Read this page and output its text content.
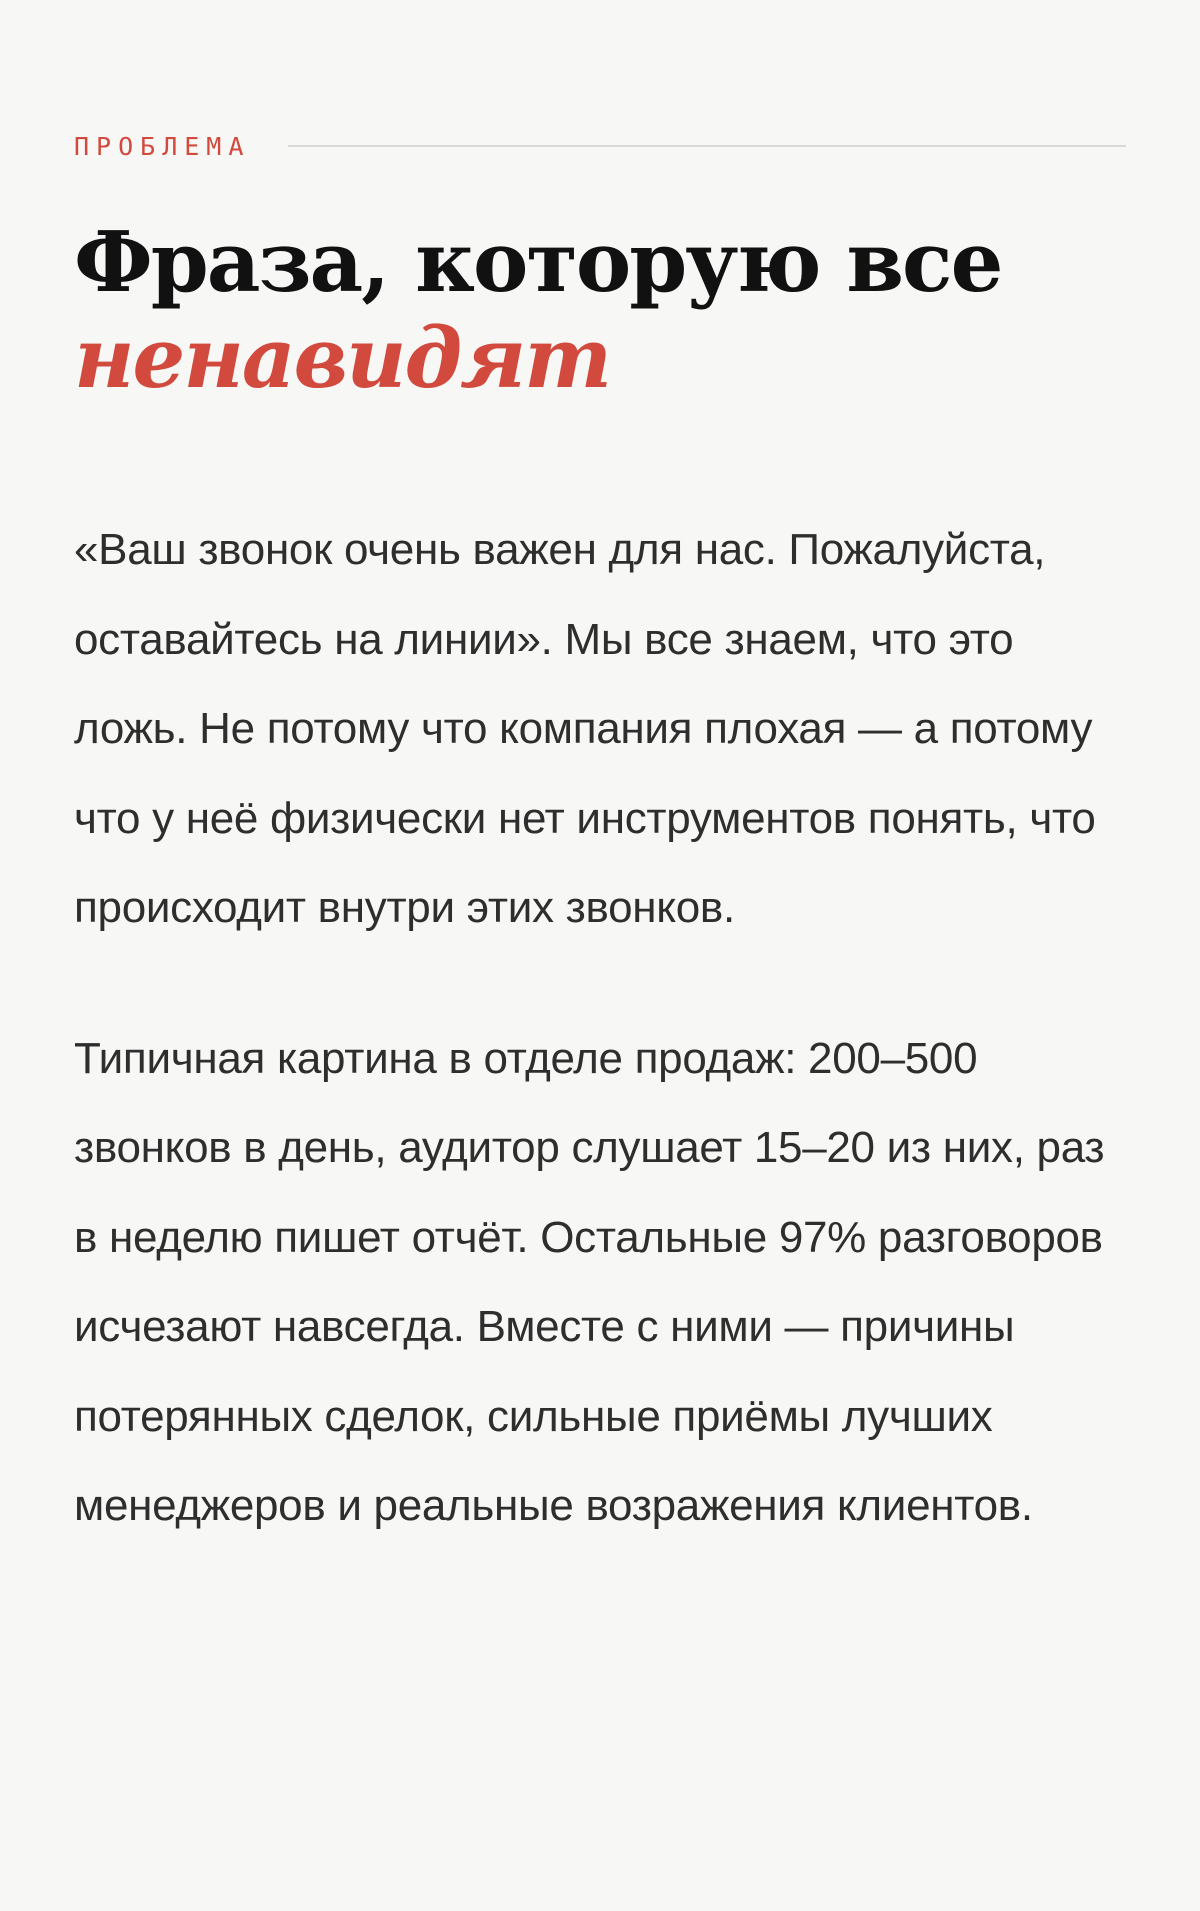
ПРОБЛЕМА
Фраза, которую все
ненавидят

«Ваш звонок очень важен для нас. Пожалуйста, оставайтесь на линии». Мы все знаем, что это ложь. Не потому что компания плохая — а потому что у неё физически нет инструментов понять, что происходит внутри этих звонков.

Типичная картина в отделе продаж: 200–500 звонков в день, аудитор слушает 15–20 из них, раз в неделю пишет отчёт. Остальные 97% разговоров исчезают навсегда. Вместе с ними — причины потерянных сделок, сильные приёмы лучших менеджеров и реальные возражения клиентов.
